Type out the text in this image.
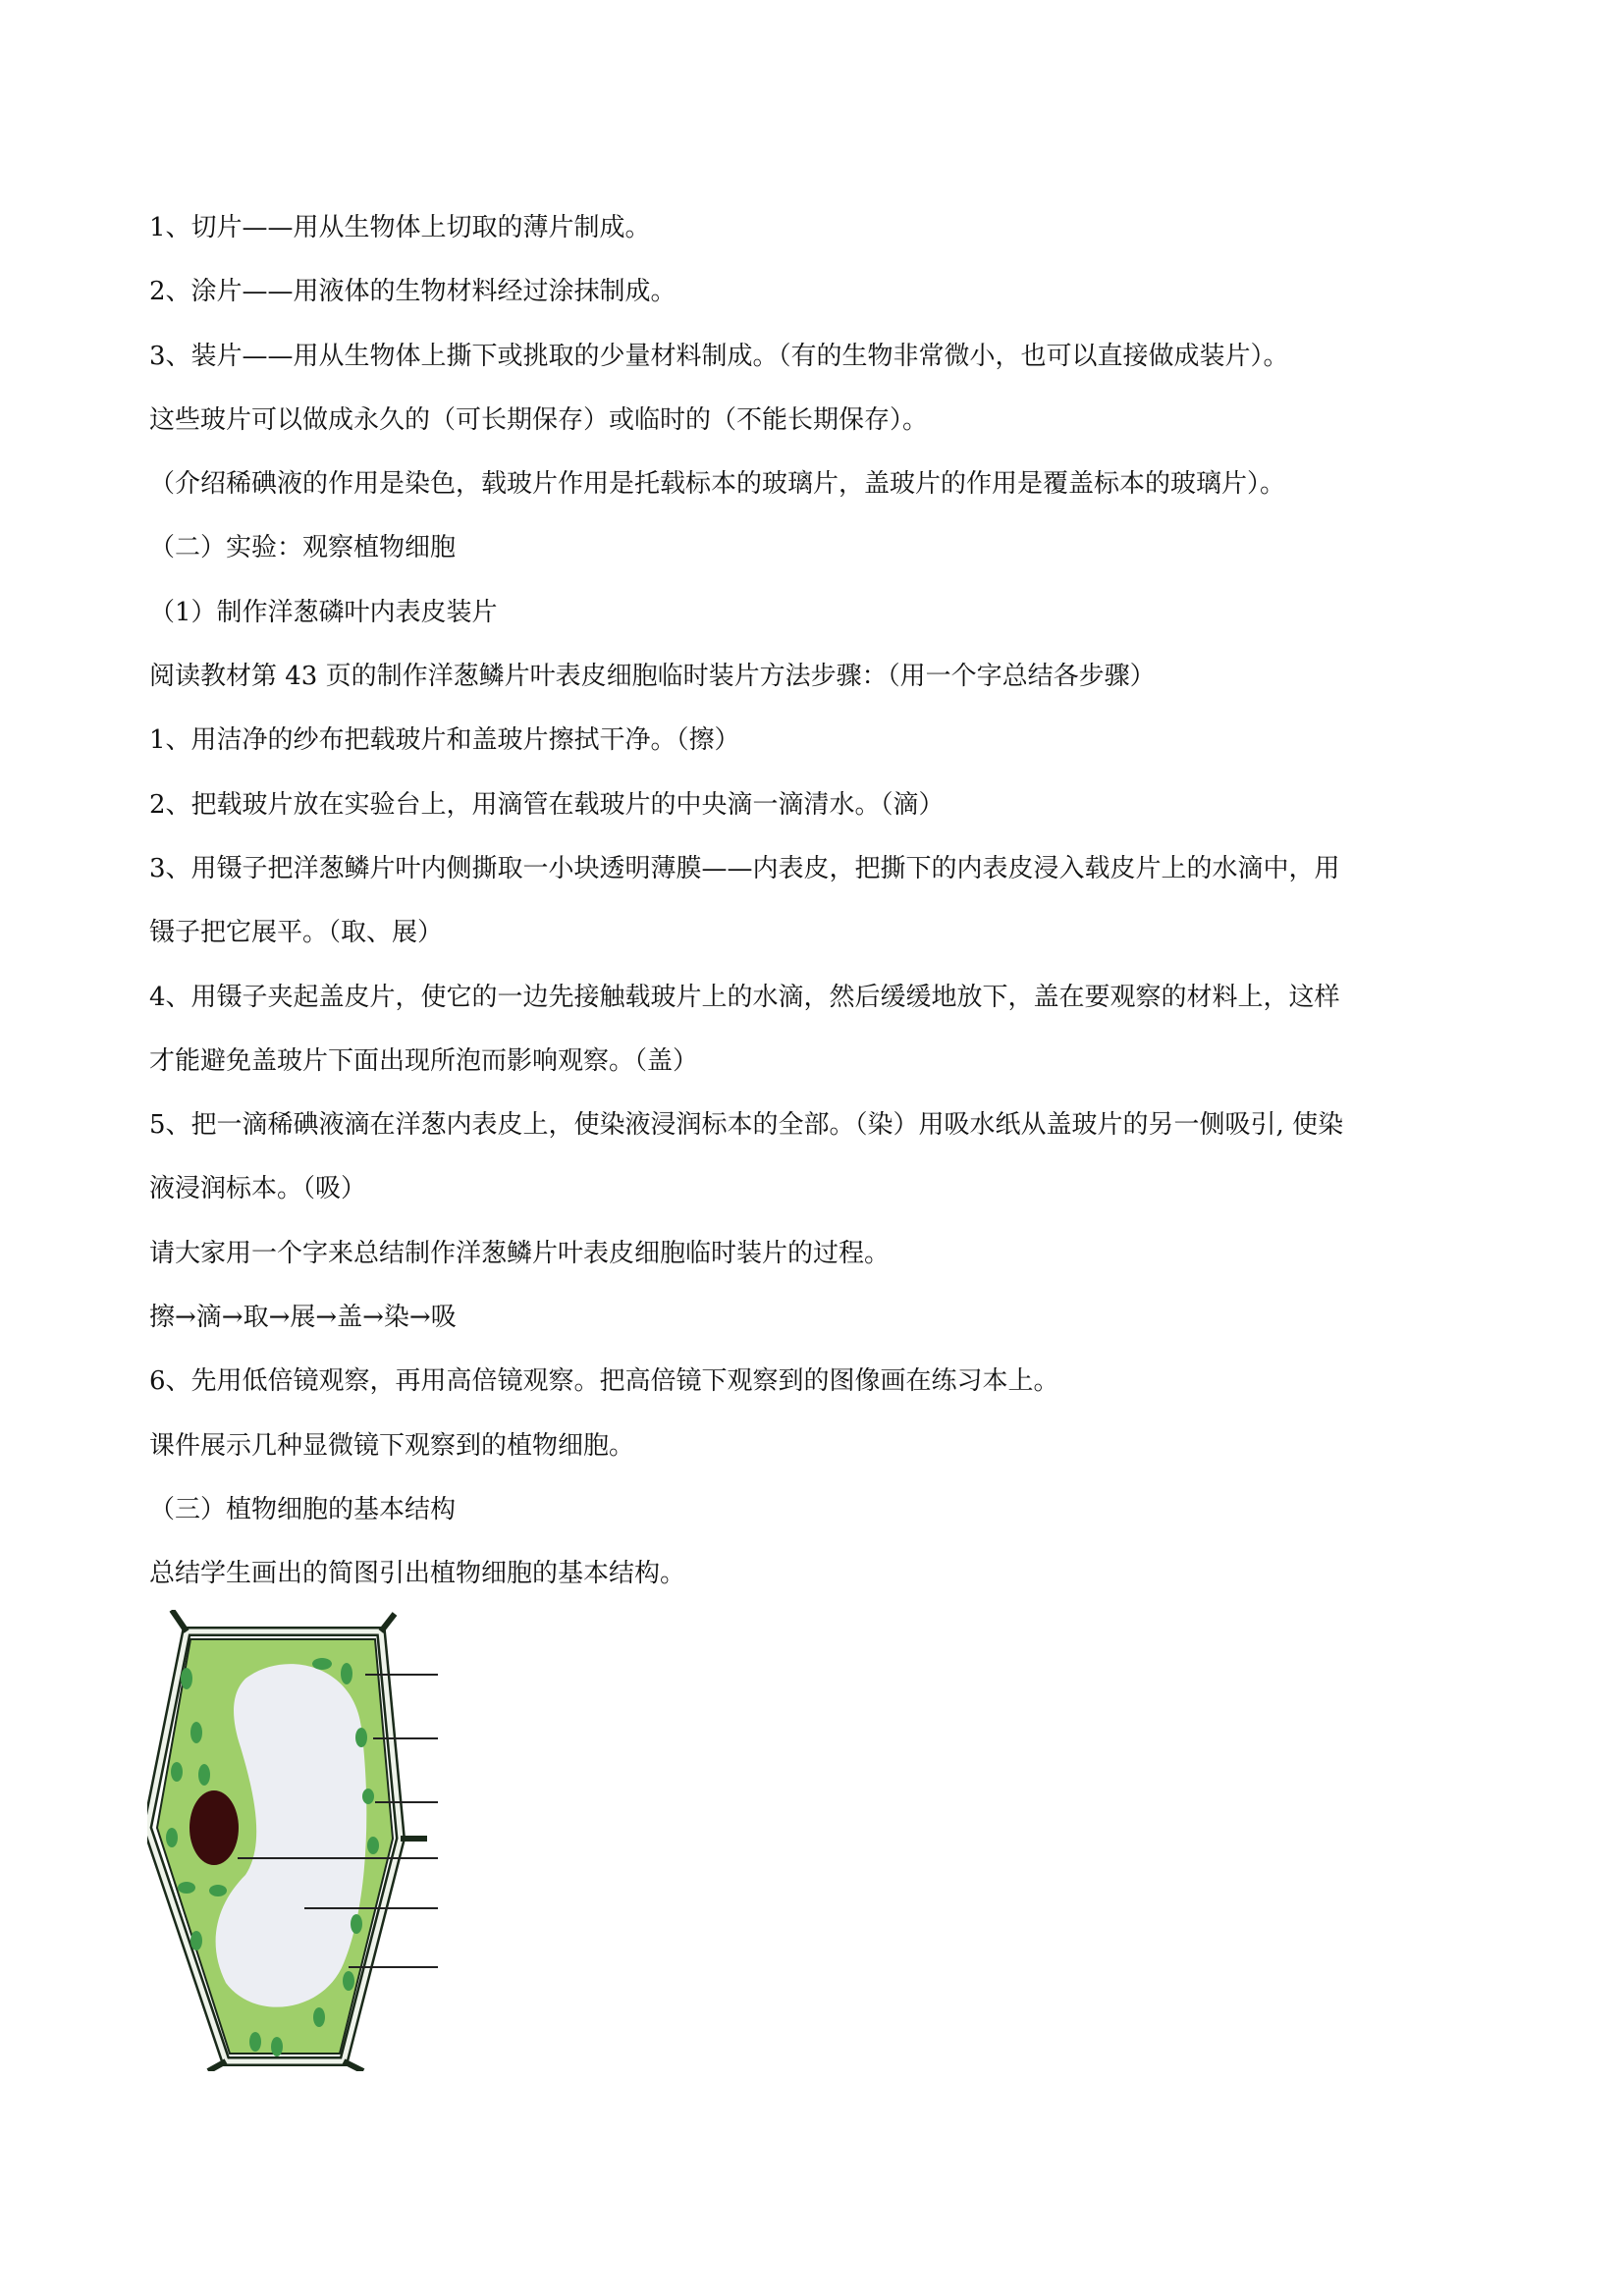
1、切片——用从生物体上切取的薄片制成。
2、涂片——用液体的生物材料经过涂抹制成。
3、装片——用从生物体上撕下或挑取的少量材料制成。（有的生物非常微小，也可以直接做成装片）。
这些玻片可以做成永久的（可长期保存）或临时的（不能长期保存）。
（介绍稀碘液的作用是染色，载玻片作用是托载标本的玻璃片，盖玻片的作用是覆盖标本的玻璃片）。
（二）实验：观察植物细胞
（1）制作洋葱磷叶内表皮装片
阅读教材第 43 页的制作洋葱鳞片叶表皮细胞临时装片方法步骤：（用一个字总结各步骤）
1、用洁净的纱布把载玻片和盖玻片擦拭干净。（擦）
2、把载玻片放在实验台上，用滴管在载玻片的中央滴一滴清水。（滴）
3、用镊子把洋葱鳞片叶内侧撕取一小块透明薄膜——内表皮，把撕下的内表皮浸入载皮片上的水滴中，用
镊子把它展平。（取、展）
4、用镊子夹起盖皮片，使它的一边先接触载玻片上的水滴，然后缓缓地放下，盖在要观察的材料上，这样
才能避免盖玻片下面出现所泡而影响观察。（盖）
5、把一滴稀碘液滴在洋葱内表皮上，使染液浸润标本的全部。（染）用吸水纸从盖玻片的另一侧吸引, 使染
液浸润标本。（吸）
请大家用一个字来总结制作洋葱鳞片叶表皮细胞临时装片的过程。
擦→滴→取→展→盖→染→吸
6、先用低倍镜观察，再用高倍镜观察。把高倍镜下观察到的图像画在练习本上。
课件展示几种显微镜下观察到的植物细胞。
（三）植物细胞的基本结构
总结学生画出的简图引出植物细胞的基本结构。
